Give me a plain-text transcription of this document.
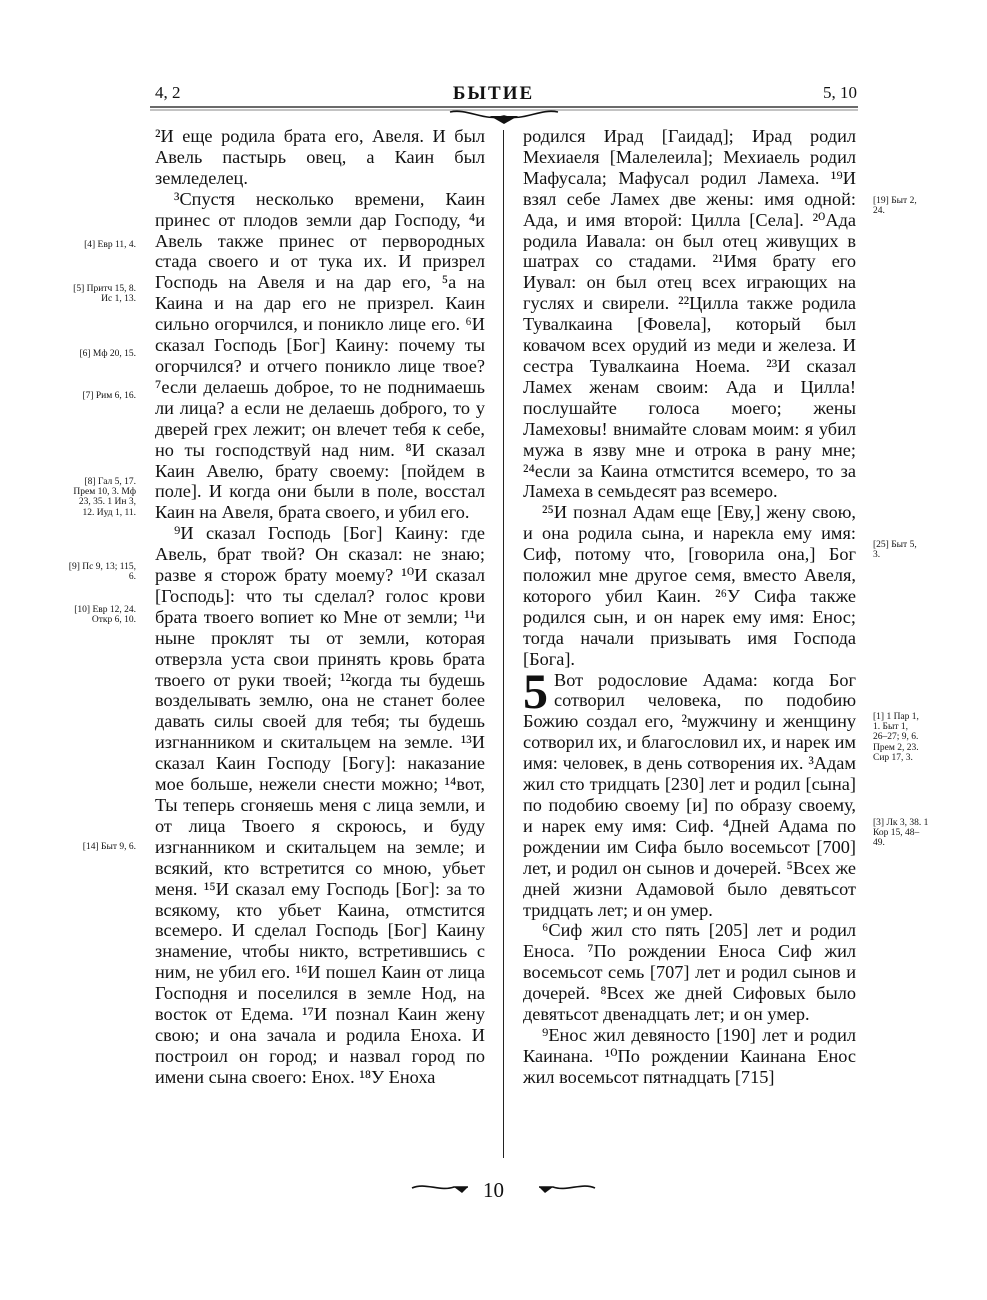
4, 2	БЫТИЕ	5, 10

²И еще родила брата его, Авеля. И был Авель пастырь овец, а Каин был земледелец.

³Спустя несколько времени, Каин принес от плодов земли дар Господу, ⁴и Авель также принес от первородных стада своего и от тука их. И призрел Господь на Авеля и на дар его, ⁵а на Каина и на дар его не призрел. Каин сильно огорчился, и поникло лице его. ⁶И сказал Господь [Бог] Каину: почему ты огорчился? и отчего поникло лице твое? ⁷если делаешь доброе, то не поднимаешь ли лица? а если не делаешь доброго, то у дверей грех лежит; он влечет тебя к себе, но ты господствуй над ним. ⁸И сказал Каин Авелю, брату своему: [пойдем в поле]. И когда они были в поле, восстал Каин на Авеля, брата своего, и убил его.

⁹И сказал Господь [Бог] Каину: где Авель, брат твой? Он сказал: не знаю; разве я сторож брату моему? ¹⁰И сказал [Господь]: что ты сделал? голос крови брата твоего вопиет ко Мне от земли; ¹¹и ныне проклят ты от земли, которая отверзла уста свои принять кровь брата твоего от руки твоей; ¹²когда ты будешь возделывать землю, она не станет более давать силы своей для тебя; ты будешь изгнанником и скитальцем на земле. ¹³И сказал Каин Господу [Богу]: наказание мое больше, нежели снести можно; ¹⁴вот, Ты теперь сгоняешь меня с лица земли, и от лица Твоего я скроюсь, и буду изгнанником и скитальцем на земле; и всякий, кто встретится со мною, убьет меня. ¹⁵И сказал ему Господь [Бог]: за то всякому, кто убьет Каина, отмстится всемеро. И сделал Господь [Бог] Каину знамение, чтобы никто, встретившись с ним, не убил его. ¹⁶И пошел Каин от лица Господня и поселился в земле Нод, на восток от Едема. ¹⁷И познал Каин жену свою; и она зачала и родила Еноха. И построил он город; и назвал город по имени сына своего: Енох. ¹⁸У Еноха

родился Ирад [Гаидад]; Ирад родил Мехиаеля [Малелеила]; Мехиаель родил Мафусала; Мафусал родил Ламеха. ¹⁹И взял себе Ламех две жены: имя одной: Ада, и имя второй: Цилла [Села]. ²⁰Ада родила Иавала: он был отец живущих в шатрах со стадами. ²¹Имя брату его Иувал: он был отец всех играющих на гуслях и свирели. ²²Цилла также родила Тувалкаина [Фовела], который был ковачом всех орудий из меди и железа. И сестра Тувалкаина Ноема. ²³И сказал Ламех женам своим: Ада и Цилла! послушайте голоса моего; жены Ламеховы! внимайте словам моим: я убил мужа в язву мне и отрока в рану мне; ²⁴если за Каина отмстится всемеро, то за Ламеха в семьдесят раз всемеро.

²⁵И познал Адам еще [Еву,] жену свою, и она родила сына, и нарекла ему имя: Сиф, потому что, [говорила она,] Бог положил мне другое семя, вместо Авеля, которого убил Каин. ²⁶У Сифа также родился сын, и он нарек ему имя: Енос; тогда начали призывать имя Господа [Бога].

5 Вот родословие Адама: когда Бог сотворил человека, по подобию Божию создал его, ²мужчину и женщину сотворил их, и благословил их, и нарек им имя: человек, в день сотворения их. ³Адам жил сто тридцать [230] лет и родил [сына] по подобию своему [и] по образу своему, и нарек ему имя: Сиф. ⁴Дней Адама по рождении им Сифа было восемьсот [700] лет, и родил он сынов и дочерей. ⁵Всех же дней жизни Адамовой было девятьсот тридцать лет; и он умер.

⁶Сиф жил сто пять [205] лет и родил Еноса. ⁷По рождении Еноса Сиф жил восемьсот семь [707] лет и родил сынов и дочерей. ⁸Всех же дней Сифовых было девятьсот двенадцать лет; и он умер.

⁹Енос жил девяносто [190] лет и родил Каинана. ¹⁰По рождении Каинана Енос жил восемьсот пятнадцать [715]

[4] Евр 11, 4.
[5] Притч 15, 8. Ис 1, 13.
[6] Мф 20, 15.
[7] Рим 6, 16.
[8] Гал 5, 17. Прем 10, 3. Мф 23, 35. 1 Ин 3, 12. Иуд 1, 11.
[9] Пс 9, 13; 115, 6.
[10] Евр 12, 24. Откр 6, 10.
[14] Быт 9, 6.
[19] Быт 2, 24.
[25] Быт 5, 3.
[1] 1 Пар 1, 1. Быт 1, 26–27; 9, 6. Прем 2, 23. Сир 17, 3.
[3] Лк 3, 38. 1 Кор 15, 48–49.
10
